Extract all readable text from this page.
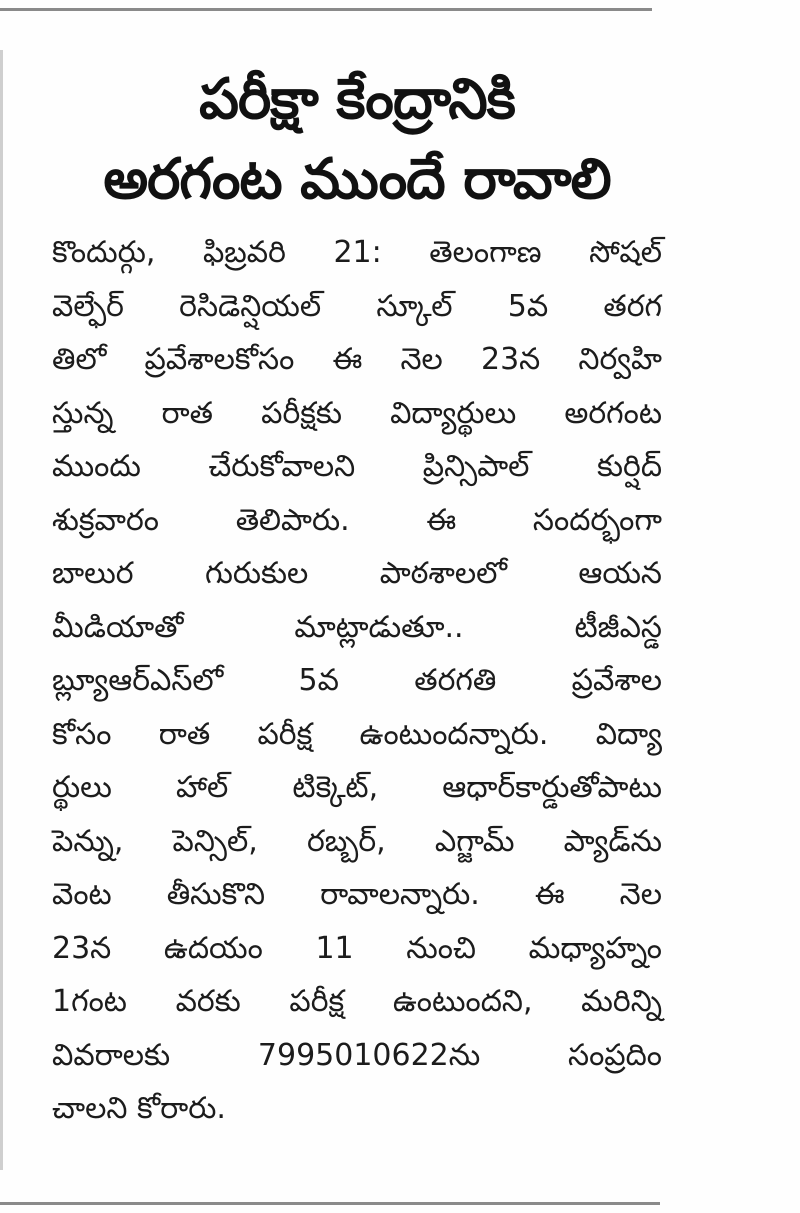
పరీక్షా కేంద్రానికి
అరగంట ముందే రావాలి
కొందుర్గు, ఫిబ్రవరి 21: తెలంగాణ సోషల్
వెల్ఫేర్ రెసిడెన్షియల్ స్కూల్ 5వ తరగ
తిలో ప్రవేశాలకోసం ఈ నెల 23న నిర్వహి
స్తున్న రాత పరీక్షకు విద్యార్థులు అరగంట
ముందు చేరుకోవాలని ప్రిన్సిపాల్ కుర్షిద్
శుక్రవారం తెలిపారు. ఈ సందర్భంగా
బాలుర గురుకుల పాఠశాలలో ఆయన
మీడియాతో మాట్లాడుతూ.. టీజీఎస్డ
బ్ల్యూఆర్ఎస్‌లో 5వ తరగతి ప్రవేశాల
కోసం రాత పరీక్ష ఉంటుందన్నారు. విద్యా
ర్థులు హాల్ టిక్కెట్, ఆధార్‌కార్డుతోపాటు
పెన్ను, పెన్సిల్, రబ్బర్, ఎగ్జామ్ ప్యాడ్‌ను
వెంట తీసుకొని రావాలన్నారు. ఈ నెల
23న ఉదయం 11 నుంచి మధ్యాహ్నం
1గంట వరకు పరీక్ష ఉంటుందని, మరిన్ని
వివరాలకు 7995010622ను సంప్రదిం
చాలని కోరారు.
